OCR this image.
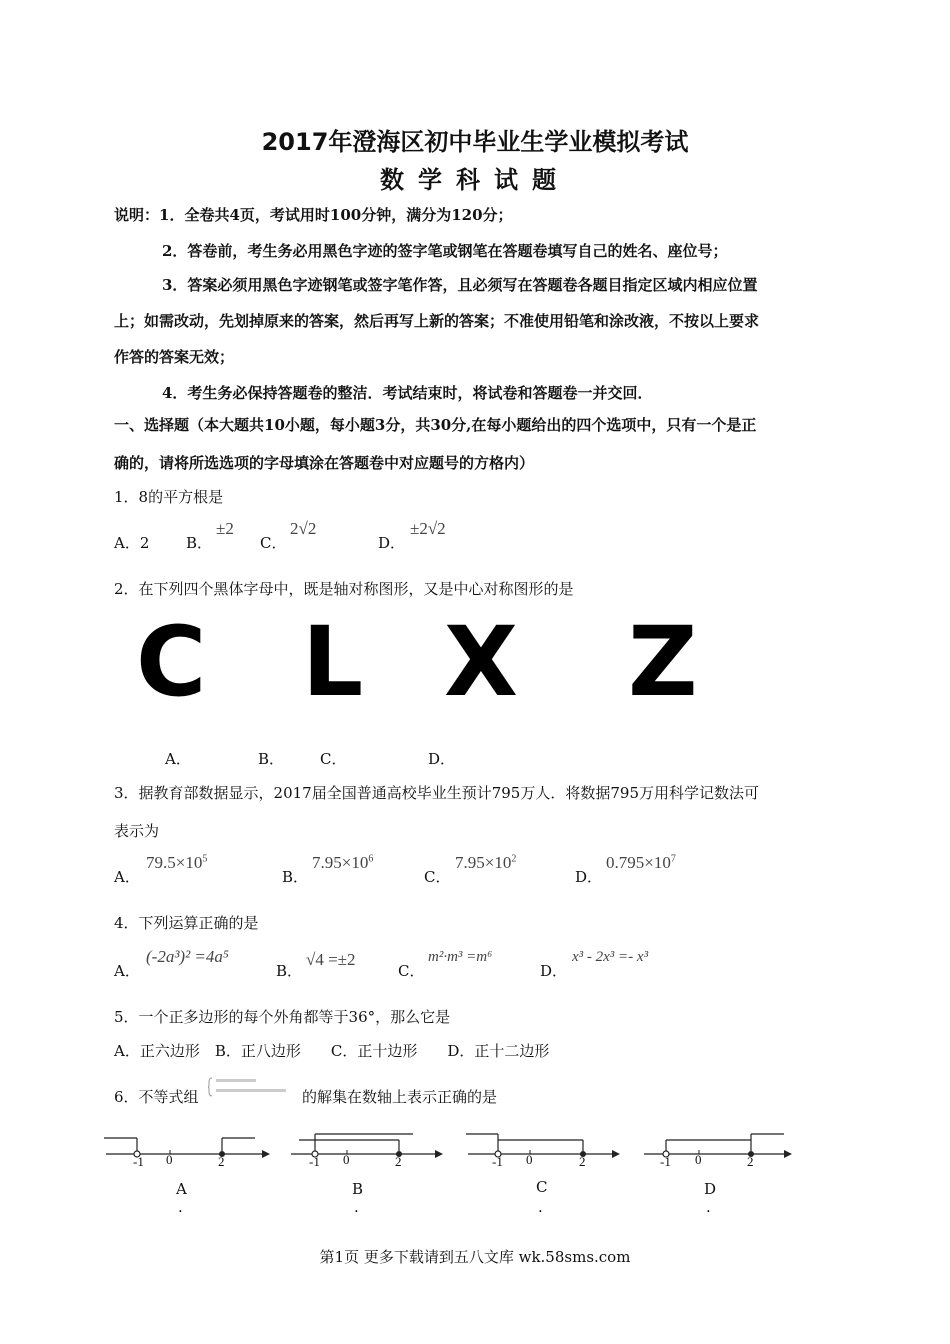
2017年澄海区初中毕业生学业模拟考试
数学科试题
说明：1．全卷共4页，考试用时100分钟，满分为120分；
2．答卷前，考生务必用黑色字迹的签字笔或钢笔在答题卷填写自己的姓名、座位号；
3．答案必须用黑色字迹钢笔或签字笔作答，且必须写在答题卷各题目指定区域内相应位置
上；如需改动，先划掉原来的答案，然后再写上新的答案；不准使用铅笔和涂改液，不按以上要求
作答的答案无效；
4．考生务必保持答题卷的整洁．考试结束时，将试卷和答题卷一并交回．
一、选择题（本大题共10小题，每小题3分，共30分,在每小题给出的四个选项中，只有一个是正
确的，请将所选选项的字母填涂在答题卷中对应题号的方格内）
1．8的平方根是
A．2 B．
±2
C．
2√2
D．
±2√2
2．在下列四个黑体字母中，既是轴对称图形，又是中心对称图形的是
C L X Z
A．	B． C．	D．
3．据教育部数据显示，2017届全国普通高校毕业生预计795万人．将数据795万用科学记数法可
表示为
A．
$79.5\times 10^5$
B．
$7.95\times 10^6$
C．
$7.95\times 10^2$
D．
$0.795\times 10^7$
4．下列运算正确的是
A．
(-2a³)² =4a⁵
B．
√4 =±2
C．
m²·m³ =m⁶
D．
x³ - 2x³ =- x³
5．一个正多边形的每个外角都等于36°，那么它是
A．正六边形　B．正八边形　　C．正十边形　　D．正十二边形
6．不等式组	的解集在数轴上表示正确的是
-1 0	2	-1 0	2	-1 0	2	-1 0	2
A
.
B
.
C
.
D
.
第1页 更多下载请到五八文库 wk.58sms.com
